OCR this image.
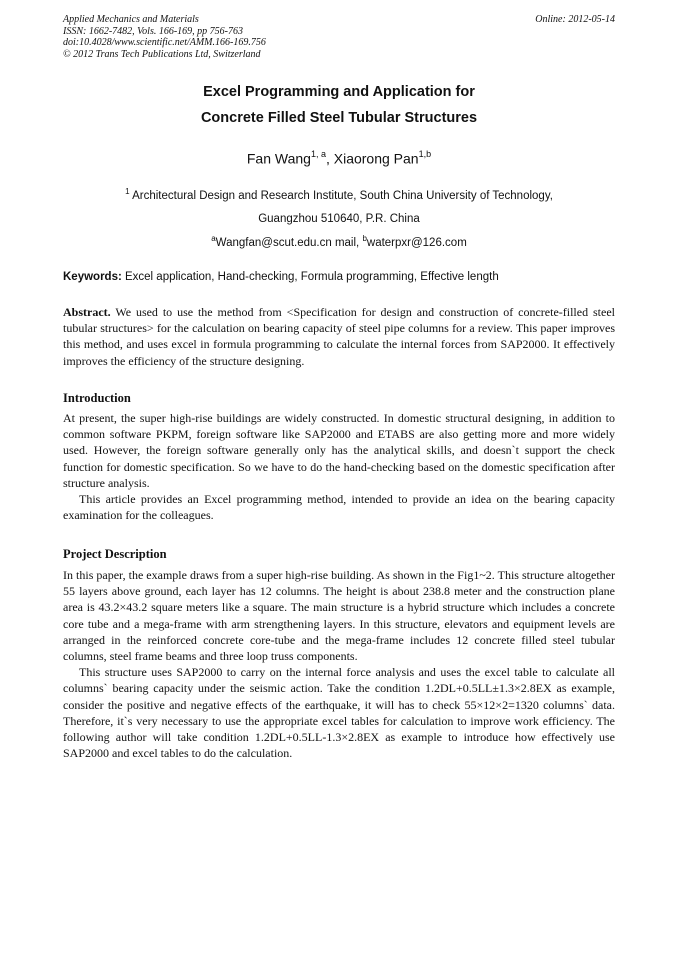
Applied Mechanics and Materials
ISSN: 1662-7482, Vols. 166-169, pp 756-763
doi:10.4028/www.scientific.net/AMM.166-169.756
© 2012 Trans Tech Publications Ltd, Switzerland
Online: 2012-05-14
Excel Programming and Application for
Concrete Filled Steel Tubular Structures
Fan Wang$^{1, a}$, Xiaorong Pan$^{1,b}$
$^1$ Architectural Design and Research Institute, South China University of Technology,
Guangzhou 510640, P.R. China
$^a$Wangfan@scut.edu.cn mail, $^b$waterpxr@126.com
Keywords: Excel application, Hand-checking, Formula programming, Effective length
Abstract. We used to use the method from <Specification for design and construction of concrete-filled steel tubular structures> for the calculation on bearing capacity of steel pipe columns for a review. This paper improves this method, and uses excel in formula programming to calculate the internal forces from SAP2000. It effectively improves the efficiency of the structure designing.
Introduction

At present, the super high-rise buildings are widely constructed. In domestic structural designing, in addition to common software PKPM, foreign software like SAP2000 and ETABS are also getting more and more widely used. However, the foreign software generally only has the analytical skills, and doesn`t support the check function for domestic specification. So we have to do the hand-checking based on the domestic specification after structure analysis.

This article provides an Excel programming method, intended to provide an idea on the bearing capacity examination for the colleagues.

Project Description

In this paper, the example draws from a super high-rise building. As shown in the Fig1~2. This structure altogether 55 layers above ground, each layer has 12 columns. The height is about 238.8 meter and the construction plane area is 43.2×43.2 square meters like a square. The main structure is a hybrid structure which includes a concrete core tube and a mega-frame with arm strengthening layers. In this structure, elevators and equipment levels are arranged in the reinforced concrete core-tube and the mega-frame includes 12 concrete filled steel tubular columns, steel frame beams and three loop truss components.

This structure uses SAP2000 to carry on the internal force analysis and uses the excel table to calculate all columns` bearing capacity under the seismic action. Take the condition 1.2DL+0.5LL±1.3×2.8EX as example, consider the positive and negative effects of the earthquake, it will has to check 55×12×2=1320 columns` data. Therefore, it`s very necessary to use the appropriate excel tables for calculation to improve work efficiency. The following author will take condition 1.2DL+0.5LL-1.3×2.8EX as example to introduce how effectively use SAP2000 and excel tables to do the calculation.
